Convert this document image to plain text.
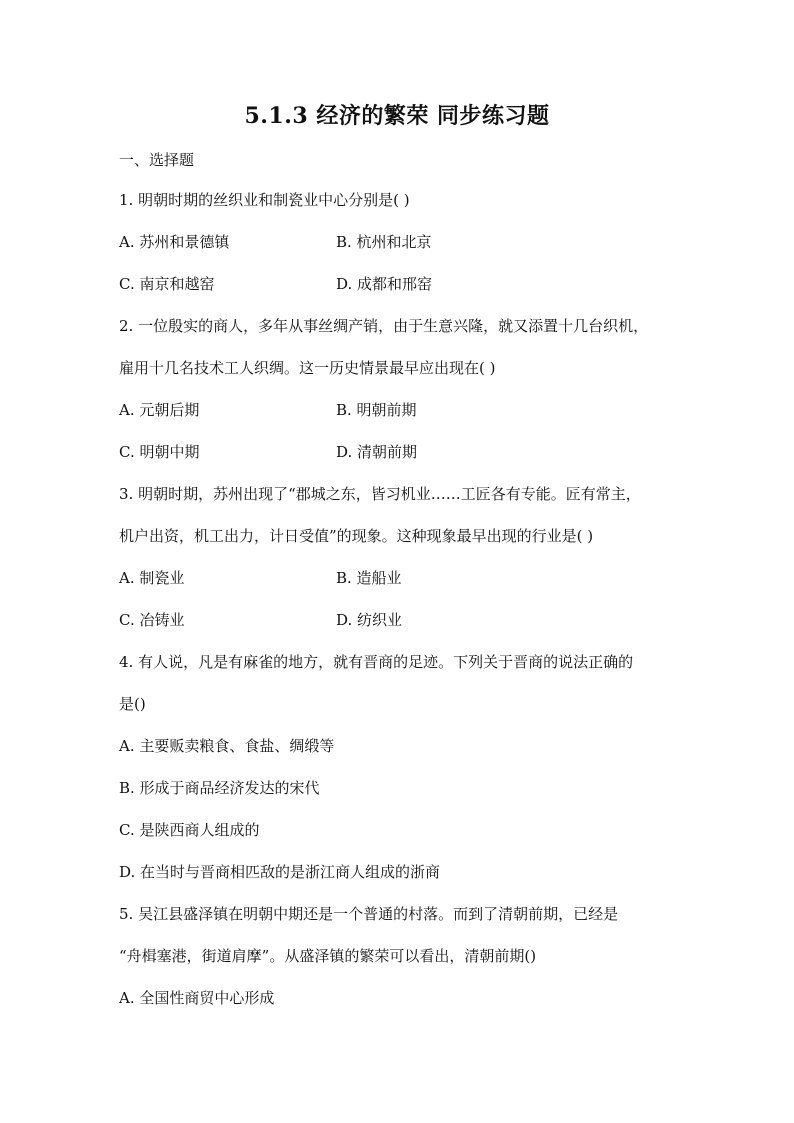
5.1.3 经济的繁荣 同步练习题
一、选择题
1. 明朝时期的丝织业和制瓷业中心分别是( )
A. 苏州和景德镇	B. 杭州和北京
C. 南京和越窑	D. 成都和邢窑
2. 一位殷实的商人，多年从事丝绸产销，由于生意兴隆，就又添置十几台织机，
雇用十几名技术工人织绸。这一历史情景最早应出现在( )
A. 元朝后期	B. 明朝前期
C. 明朝中期	D. 清朝前期
3. 明朝时期，苏州出现了“郡城之东，皆习机业……工匠各有专能。匠有常主，
机户出资，机工出力，计日受值”的现象。这种现象最早出现的行业是( )
A. 制瓷业	B. 造船业
C. 冶铸业	D. 纺织业
4. 有人说，凡是有麻雀的地方，就有晋商的足迹。下列关于晋商的说法正确的
是()
A. 主要贩卖粮食、食盐、绸缎等
B. 形成于商品经济发达的宋代
C. 是陕西商人组成的
D. 在当时与晋商相匹敌的是浙江商人组成的浙商
5. 吴江县盛泽镇在明朝中期还是一个普通的村落。而到了清朝前期，已经是
“舟楫塞港，街道肩摩”。从盛泽镇的繁荣可以看出，清朝前期()
A. 全国性商贸中心形成
